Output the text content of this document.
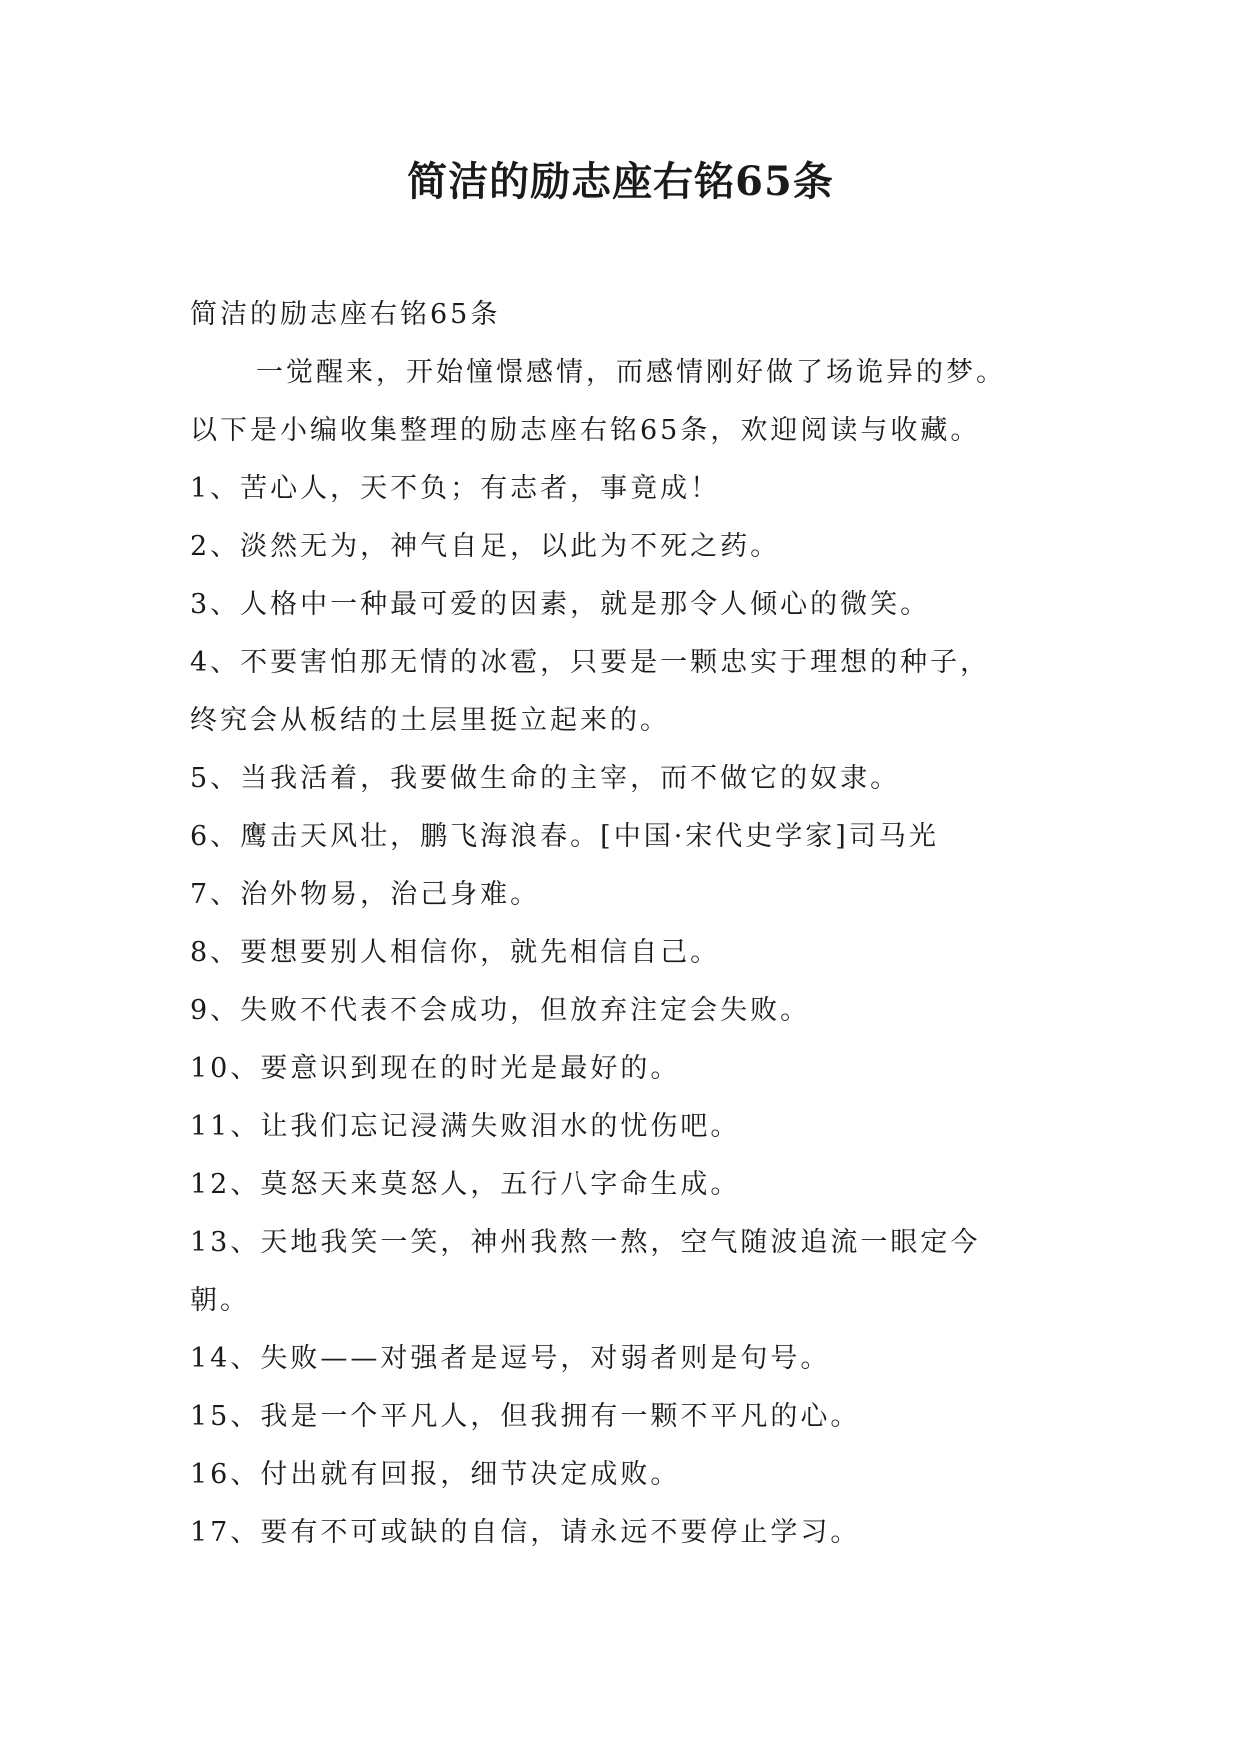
简洁的励志座右铭65条
简洁的励志座右铭65条
一觉醒来，开始憧憬感情，而感情刚好做了场诡异的梦。
以下是小编收集整理的励志座右铭65条，欢迎阅读与收藏。
1、苦心人，天不负；有志者，事竟成！
2、淡然无为，神气自足，以此为不死之药。
3、人格中一种最可爱的因素，就是那令人倾心的微笑。
4、不要害怕那无情的冰雹，只要是一颗忠实于理想的种子，
终究会从板结的土层里挺立起来的。
5、当我活着，我要做生命的主宰，而不做它的奴隶。
6、鹰击天风壮，鹏飞海浪春。[中国·宋代史学家]司马光
7、治外物易，治己身难。
8、要想要别人相信你，就先相信自己。
9、失败不代表不会成功，但放弃注定会失败。
10、要意识到现在的时光是最好的。
11、让我们忘记浸满失败泪水的忧伤吧。
12、莫怒天来莫怒人，五行八字命生成。
13、天地我笑一笑，神州我熬一熬，空气随波追流一眼定今
朝。
14、失败——对强者是逗号，对弱者则是句号。
15、我是一个平凡人，但我拥有一颗不平凡的心。
16、付出就有回报，细节决定成败。
17、要有不可或缺的自信，请永远不要停止学习。
